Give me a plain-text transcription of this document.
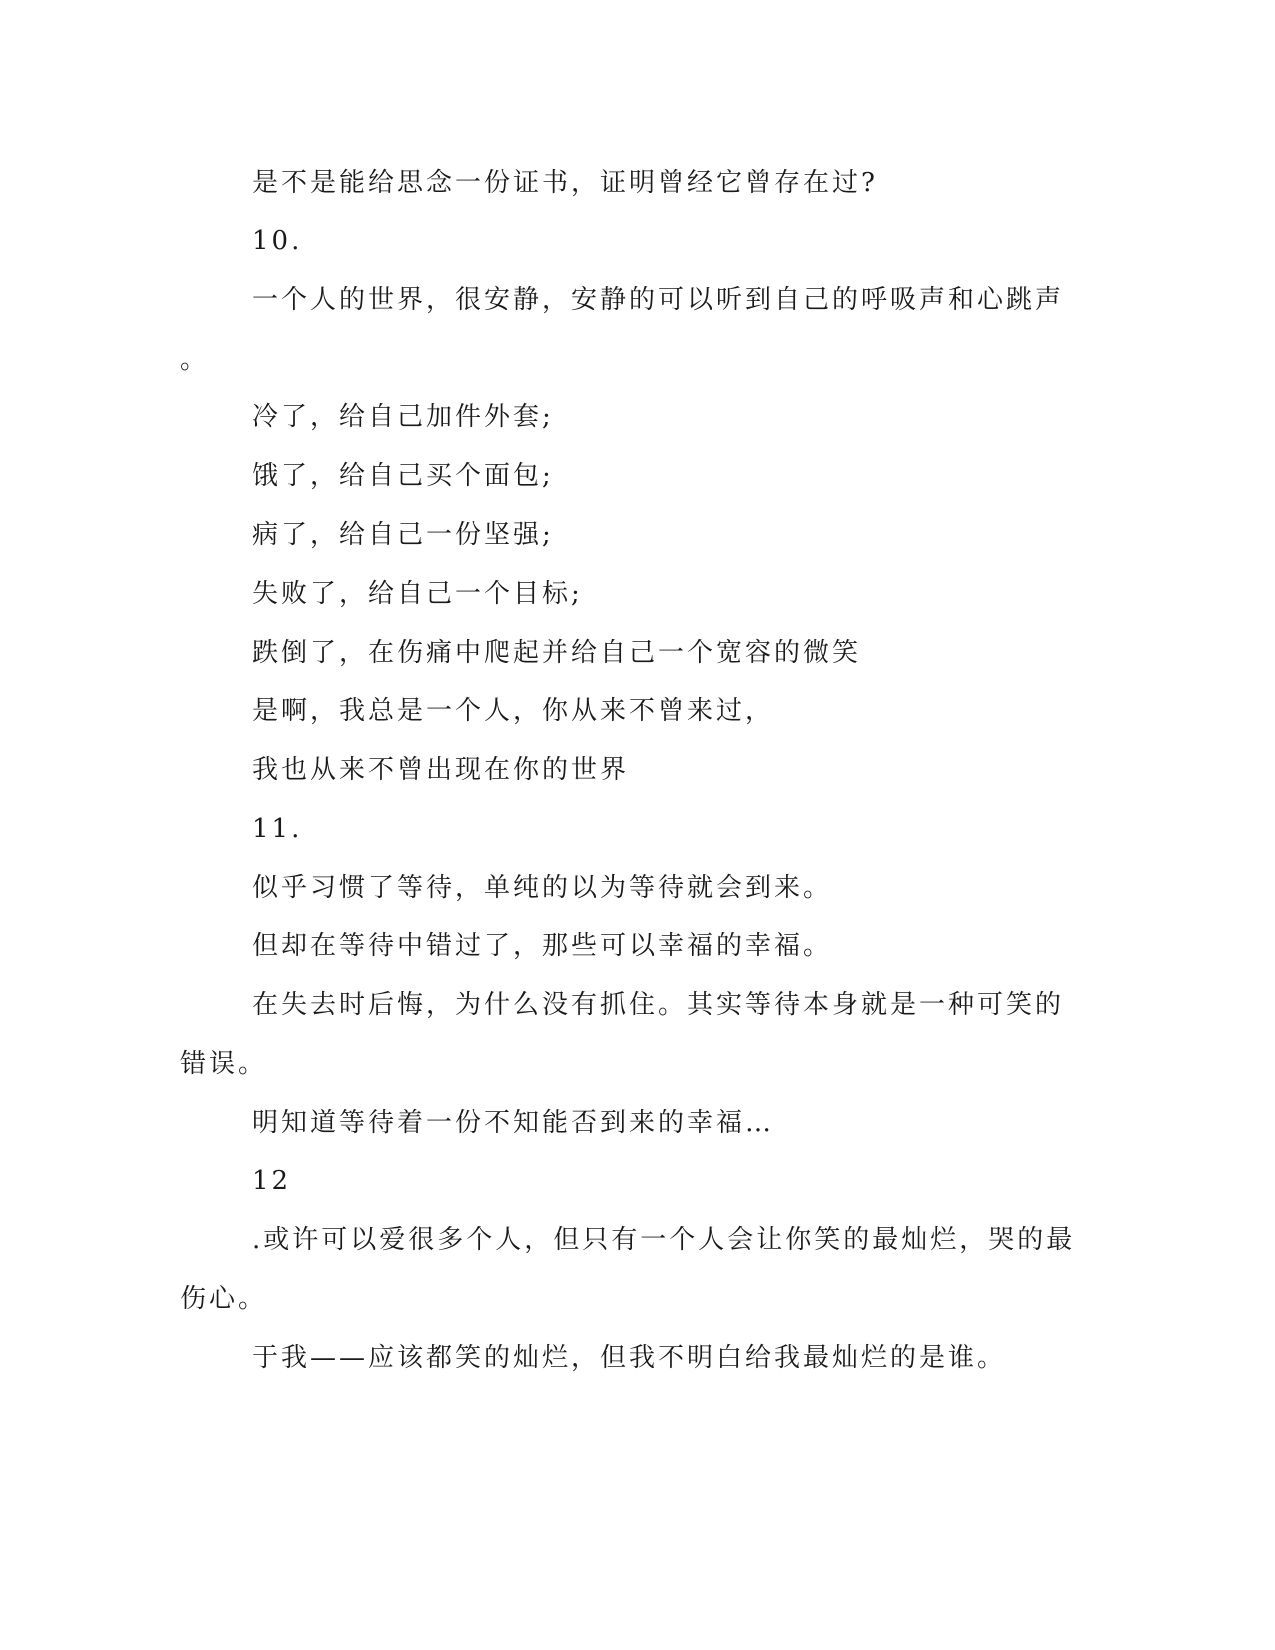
是不是能给思念一份证书，证明曾经它曾存在过?
10.
一个人的世界，很安静，安静的可以听到自己的呼吸声和心跳声
。
冷了，给自己加件外套;
饿了，给自己买个面包;
病了，给自己一份坚强;
失败了，给自己一个目标;
跌倒了，在伤痛中爬起并给自己一个宽容的微笑
是啊，我总是一个人，你从来不曾来过，
我也从来不曾出现在你的世界
11.
似乎习惯了等待，单纯的以为等待就会到来。
但却在等待中错过了，那些可以幸福的幸福。
在失去时后悔，为什么没有抓住。其实等待本身就是一种可笑的
错误。
明知道等待着一份不知能否到来的幸福…
12
.或许可以爱很多个人，但只有一个人会让你笑的最灿烂，哭的最
伤心。
于我——应该都笑的灿烂，但我不明白给我最灿烂的是谁。
